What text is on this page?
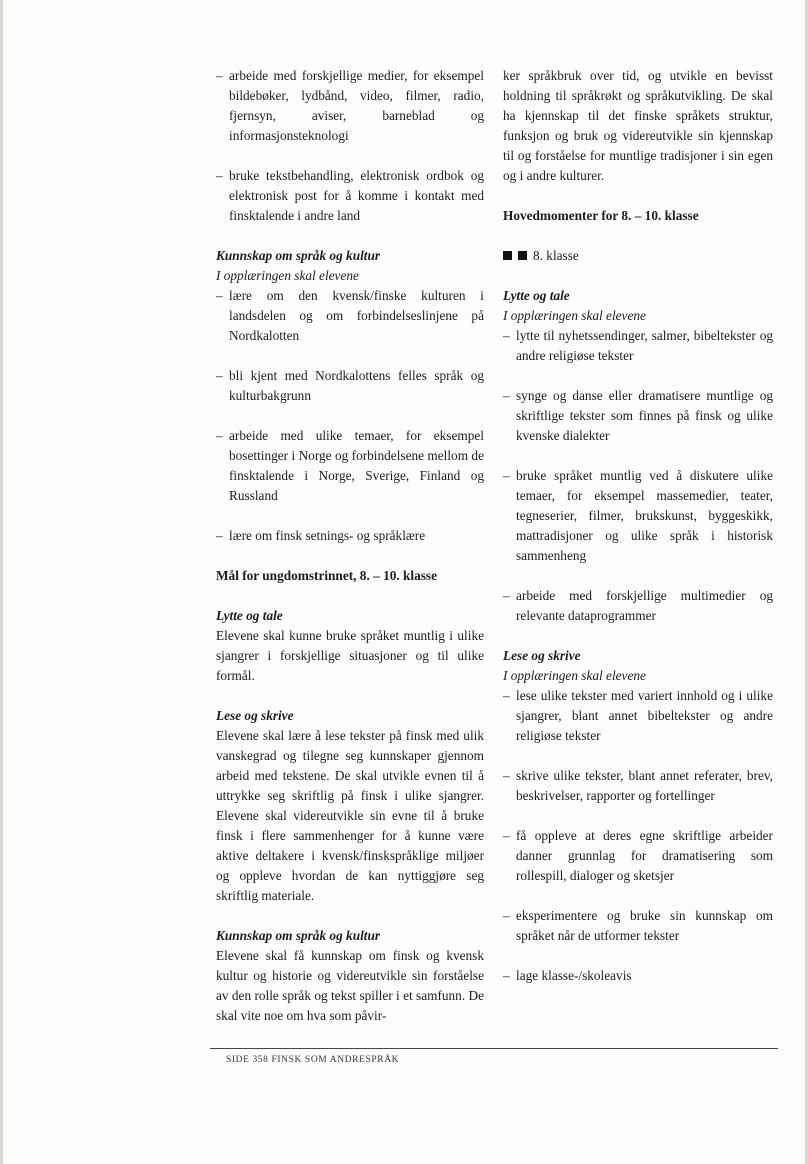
– arbeide med forskjellige medier, for eksempel bildebøker, lydbånd, video, filmer, radio, fjernsyn, aviser, barneblad og informasjonsteknologi

– bruke tekstbehandling, elektronisk ordbok og elektronisk post for å komme i kontakt med finsktalende i andre land

Kunnskap om språk og kultur

I opplæringen skal elevene

– lære om den kvensk/finske kulturen i landsdelen og om forbindelseslinjene på Nordkalotten

– bli kjent med Nordkalottens felles språk og kulturbakgrunn

– arbeide med ulike temaer, for eksempel bosettinger i Norge og forbindelsene mellom de finsktalende i Norge, Sverige, Finland og Russland

– lære om finsk setnings- og språklære

Mål for ungdomstrinnet, 8. – 10. klasse

Lytte og tale

Elevene skal kunne bruke språket muntlig i ulike sjangrer i forskjellige situasjoner og til ulike formål.

Lese og skrive

Elevene skal lære å lese tekster på finsk med ulik vanskegrad og tilegne seg kunnskaper gjennom arbeid med tekstene. De skal utvikle evnen til å uttrykke seg skriftlig på finsk i ulike sjangrer. Elevene skal videreutvikle sin evne til å bruke finsk i flere sammenhenger for å kunne være aktive deltakere i kvensk/finskspråklige miljøer og oppleve hvordan de kan nyttiggjøre seg skriftlig materiale.

Kunnskap om språk og kultur

Elevene skal få kunnskap om finsk og kvensk kultur og historie og videreutvikle sin forståelse av den rolle språk og tekst spiller i et samfunn. De skal vite noe om hva som påvir-

ker språkbruk over tid, og utvikle en bevisst holdning til språkrøkt og språkutvikling. De skal ha kjennskap til det finske språkets struktur, funksjon og bruk og videreutvikle sin kjennskap til og forståelse for muntlige tradisjoner i sin egen og i andre kulturer.

Hovedmomenter for 8. – 10. klasse

8. klasse

Lytte og tale

I opplæringen skal elevene

– lytte til nyhetssendinger, salmer, bibeltekster og andre religiøse tekster

– synge og danse eller dramatisere muntlige og skriftlige tekster som finnes på finsk og ulike kvenske dialekter

– bruke språket muntlig ved å diskutere ulike temaer, for eksempel massemedier, teater, tegneserier, filmer, brukskunst, byggeskikk, mattradisjoner og ulike språk i historisk sammenheng

– arbeide med forskjellige multimedier og relevante dataprogrammer

Lese og skrive

I opplæringen skal elevene

– lese ulike tekster med variert innhold og i ulike sjangrer, blant annet bibeltekster og andre religiøse tekster

– skrive ulike tekster, blant annet referater, brev, beskrivelser, rapporter og fortellinger

– få oppleve at deres egne skriftlige arbeider danner grunnlag for dramatisering som rollespill, dialoger og sketsjer

– eksperimentere og bruke sin kunnskap om språket når de utformer tekster

– lage klasse-/skoleavis

SIDE 358 FINSK SOM ANDRESPRÅK
